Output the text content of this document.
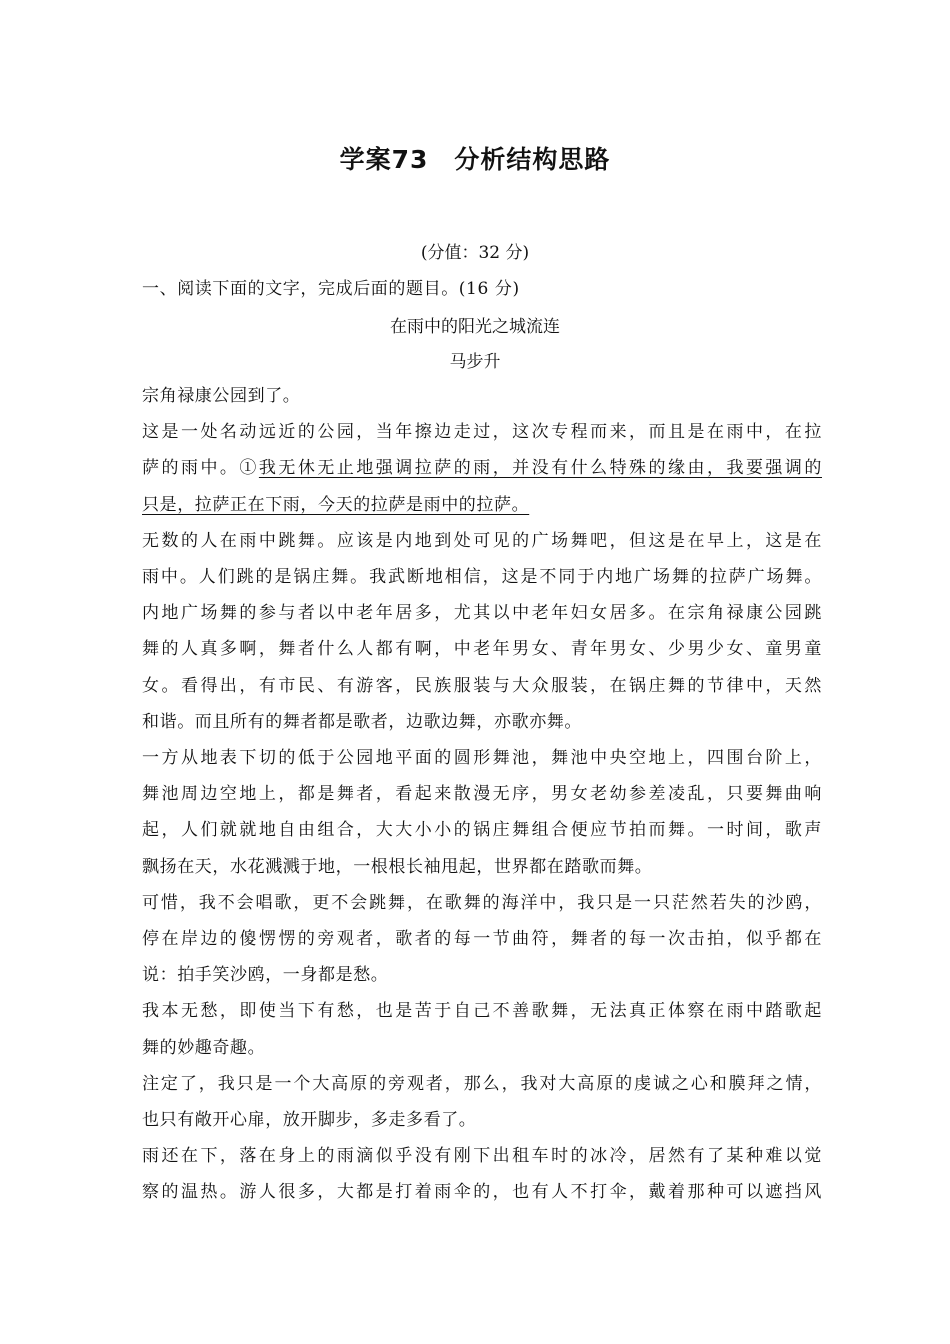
学案73　分析结构思路
(分值：32 分)
一、阅读下面的文字，完成后面的题目。(16 分)
在雨中的阳光之城流连
马步升
宗角禄康公园到了。
这是一处名动远近的公园，当年擦边走过，这次专程而来，而且是在雨中，在拉
萨的雨中。①我无休无止地强调拉萨的雨，并没有什么特殊的缘由，我要强调的
只是，拉萨正在下雨，今天的拉萨是雨中的拉萨。
无数的人在雨中跳舞。应该是内地到处可见的广场舞吧，但这是在早上，这是在
雨中。人们跳的是锅庄舞。我武断地相信，这是不同于内地广场舞的拉萨广场舞。
内地广场舞的参与者以中老年居多，尤其以中老年妇女居多。在宗角禄康公园跳
舞的人真多啊，舞者什么人都有啊，中老年男女、青年男女、少男少女、童男童
女。看得出，有市民、有游客，民族服装与大众服装，在锅庄舞的节律中，天然
和谐。而且所有的舞者都是歌者，边歌边舞，亦歌亦舞。
一方从地表下切的低于公园地平面的圆形舞池，舞池中央空地上，四围台阶上，
舞池周边空地上，都是舞者，看起来散漫无序，男女老幼参差凌乱，只要舞曲响
起，人们就就地自由组合，大大小小的锅庄舞组合便应节拍而舞。一时间，歌声
飘扬在天，水花溅溅于地，一根根长袖甩起，世界都在踏歌而舞。
可惜，我不会唱歌，更不会跳舞，在歌舞的海洋中，我只是一只茫然若失的沙鸥，
停在岸边的傻愣愣的旁观者，歌者的每一节曲符，舞者的每一次击拍，似乎都在
说：拍手笑沙鸥，一身都是愁。
我本无愁，即使当下有愁，也是苦于自己不善歌舞，无法真正体察在雨中踏歌起
舞的妙趣奇趣。
注定了，我只是一个大高原的旁观者，那么，我对大高原的虔诚之心和膜拜之情，
也只有敞开心扉，放开脚步，多走多看了。
雨还在下，落在身上的雨滴似乎没有刚下出租车时的冰冷，居然有了某种难以觉
察的温热。游人很多，大都是打着雨伞的，也有人不打伞，戴着那种可以遮挡风
